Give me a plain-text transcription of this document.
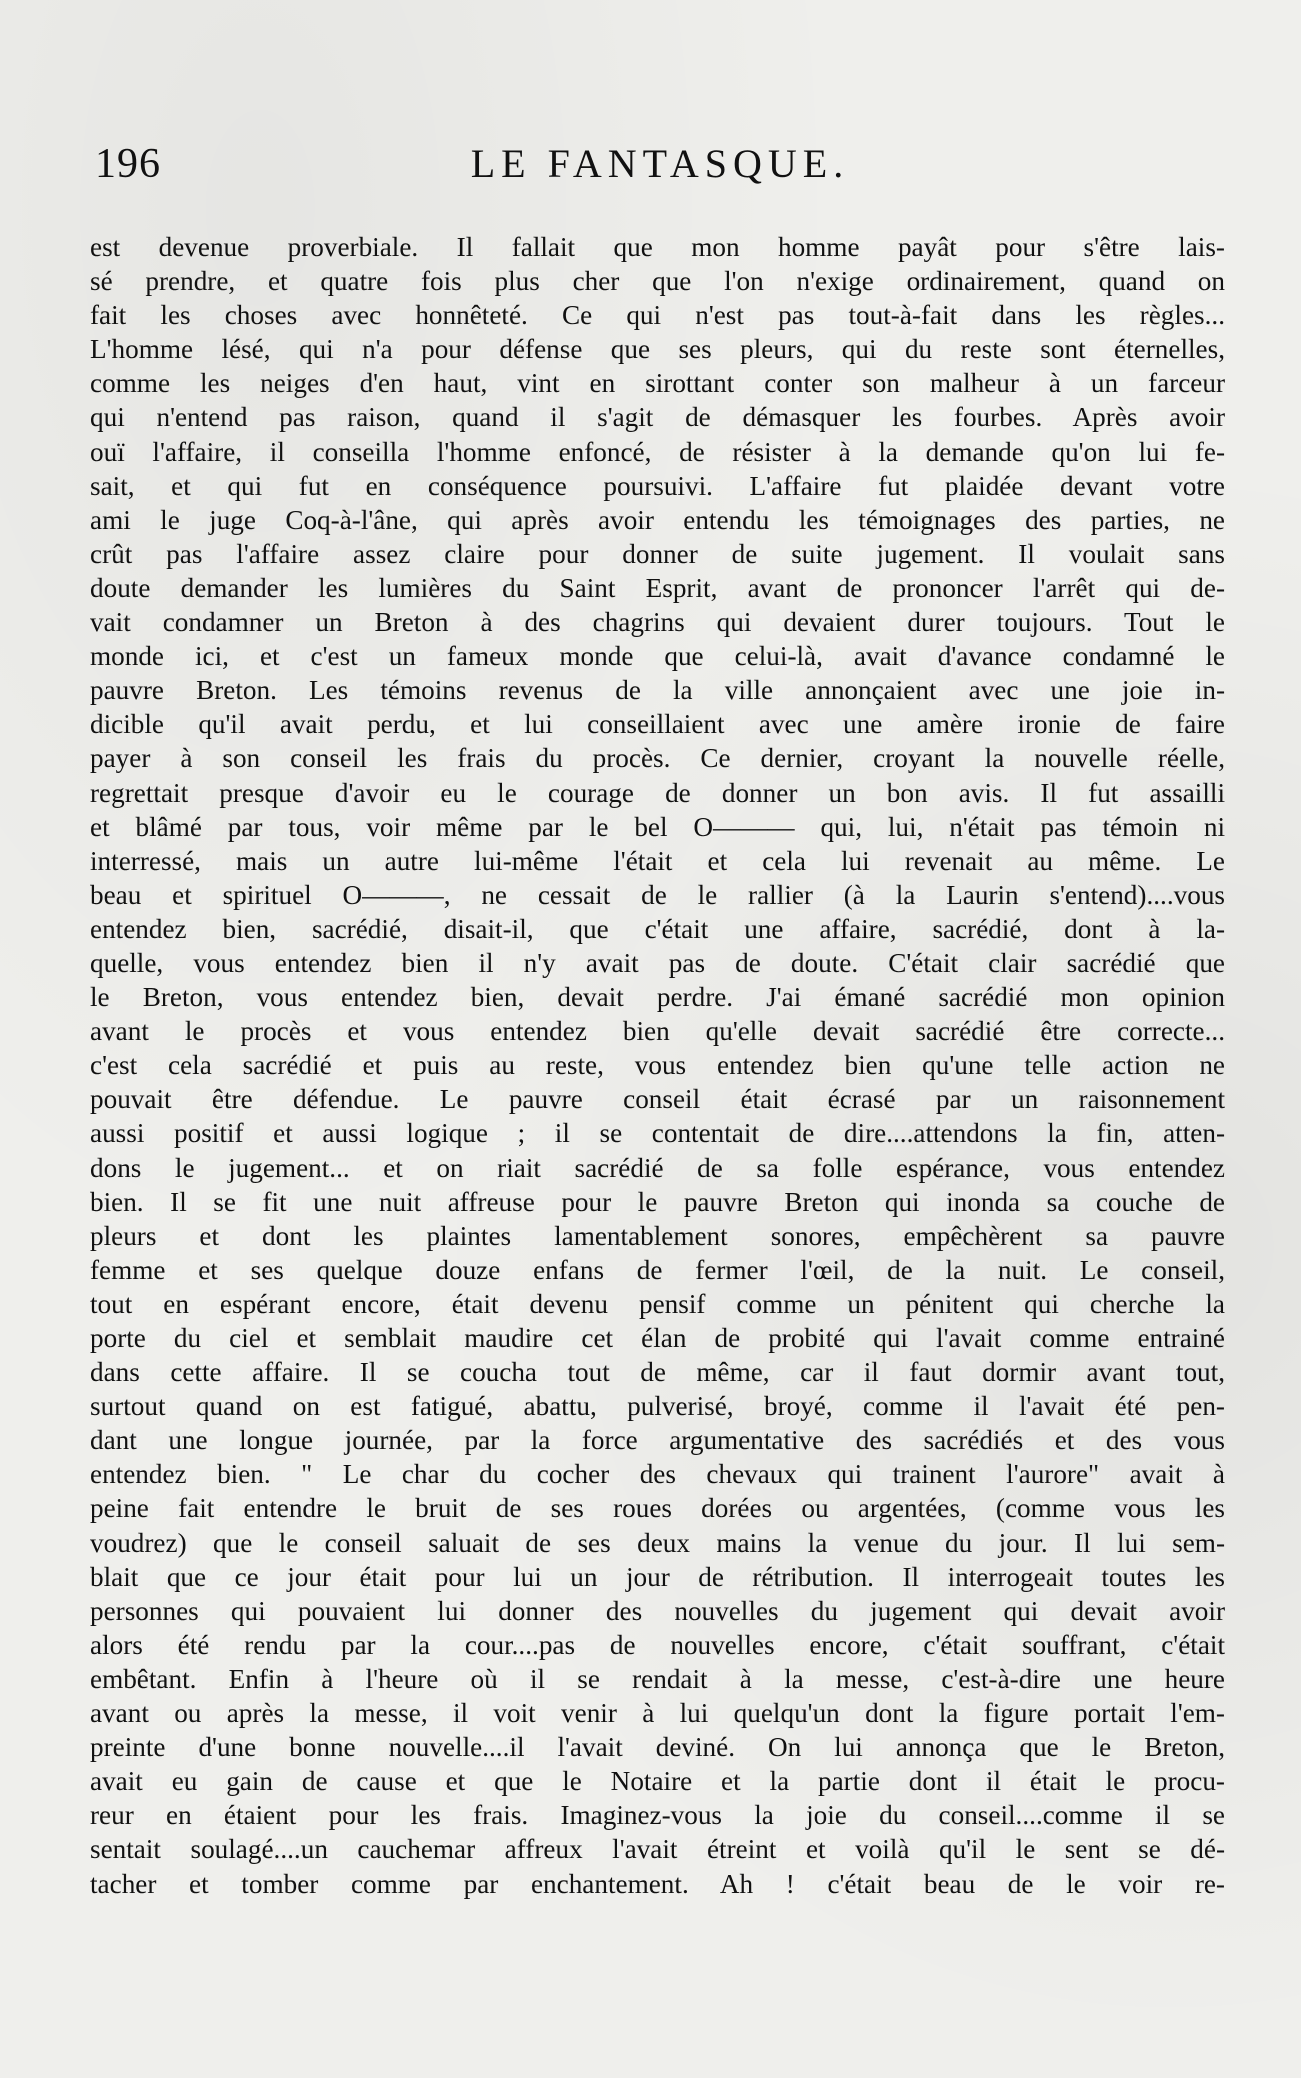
196	LE FANTASQUE.

est devenue proverbiale. Il fallait que mon homme payât pour s'être lais-
sé prendre, et quatre fois plus cher que l'on n'exige ordinairement, quand on
fait les choses avec honnêteté. Ce qui n'est pas tout-à-fait dans les règles...
L'homme lésé, qui n'a pour défense que ses pleurs, qui du reste sont éternelles,
comme les neiges d'en haut, vint en sirottant conter son malheur à un farceur
qui n'entend pas raison, quand il s'agit de démasquer les fourbes. Après avoir
ouï l'affaire, il conseilla l'homme enfoncé, de résister à la demande qu'on lui fe-
sait, et qui fut en conséquence poursuivi. L'affaire fut plaidée devant votre
ami le juge Coq-à-l'âne, qui après avoir entendu les témoignages des parties, ne
crût pas l'affaire assez claire pour donner de suite jugement. Il voulait sans
doute demander les lumières du Saint Esprit, avant de prononcer l'arrêt qui de-
vait condamner un Breton à des chagrins qui devaient durer toujours. Tout le
monde ici, et c'est un fameux monde que celui-là, avait d'avance condamné le
pauvre Breton. Les témoins revenus de la ville annonçaient avec une joie in-
dicible qu'il avait perdu, et lui conseillaient avec une amère ironie de faire
payer à son conseil les frais du procès. Ce dernier, croyant la nouvelle réelle,
regrettait presque d'avoir eu le courage de donner un bon avis. Il fut assailli
et blâmé par tous, voir même par le bel O——— qui, lui, n'était pas témoin ni
interressé, mais un autre lui-même l'était et cela lui revenait au même. Le
beau et spirituel O———, ne cessait de le rallier (à la Laurin s'entend)....vous
entendez bien, sacrédié, disait-il, que c'était une affaire, sacrédié, dont à la-
quelle, vous entendez bien il n'y avait pas de doute. C'était clair sacrédié que
le Breton, vous entendez bien, devait perdre. J'ai émané sacrédié mon opinion
avant le procès et vous entendez bien qu'elle devait sacrédié être correcte...
c'est cela sacrédié et puis au reste, vous entendez bien qu'une telle action ne
pouvait être défendue. Le pauvre conseil était écrasé par un raisonnement
aussi positif et aussi logique ; il se contentait de dire....attendons la fin, atten-
dons le jugement... et on riait sacrédié de sa folle espérance, vous entendez
bien. Il se fit une nuit affreuse pour le pauvre Breton qui inonda sa couche de
pleurs et dont les plaintes lamentablement sonores, empêchèrent sa pauvre
femme et ses quelque douze enfans de fermer l'œil, de la nuit. Le conseil,
tout en espérant encore, était devenu pensif comme un pénitent qui cherche la
porte du ciel et semblait maudire cet élan de probité qui l'avait comme entrainé
dans cette affaire. Il se coucha tout de même, car il faut dormir avant tout,
surtout quand on est fatigué, abattu, pulverisé, broyé, comme il l'avait été pen-
dant une longue journée, par la force argumentative des sacrédiés et des vous
entendez bien. " Le char du cocher des chevaux qui trainent l'aurore" avait à
peine fait entendre le bruit de ses roues dorées ou argentées, (comme vous les
voudrez) que le conseil saluait de ses deux mains la venue du jour. Il lui sem-
blait que ce jour était pour lui un jour de rétribution. Il interrogeait toutes les
personnes qui pouvaient lui donner des nouvelles du jugement qui devait avoir
alors été rendu par la cour....pas de nouvelles encore, c'était souffrant, c'était
embêtant. Enfin à l'heure où il se rendait à la messe, c'est-à-dire une heure
avant ou après la messe, il voit venir à lui quelqu'un dont la figure portait l'em-
preinte d'une bonne nouvelle....il l'avait deviné. On lui annonça que le Breton,
avait eu gain de cause et que le Notaire et la partie dont il était le procu-
reur en étaient pour les frais. Imaginez-vous la joie du conseil....comme il se
sentait soulagé....un cauchemar affreux l'avait étreint et voilà qu'il le sent se dé-
tacher et tomber comme par enchantement. Ah ! c'était beau de le voir re-
